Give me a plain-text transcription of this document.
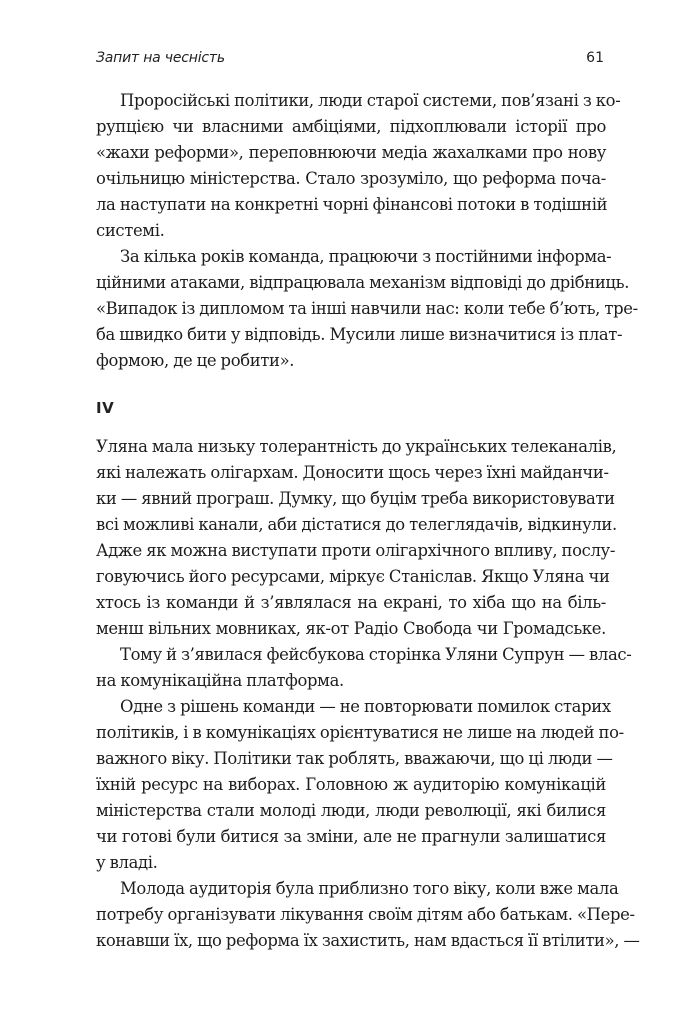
Запит на чесність	61
Проросійські політики, люди старої системи, пов’язані з ко-
рупцією чи власними амбіціями, підхоплювали історії про
«жахи реформи», переповнюючи медіа жахалками про нову
очільницю міністерства. Стало зрозуміло, що реформа поча-
ла наступати на конкретні чорні фінансові потоки в тодішній
системі.
За кілька років команда, працюючи з постійними інформа-
ційними атаками, відпрацювала механізм відповіді до дрібниць.
«Випадок із дипломом та інші навчили нас: коли тебе б’ють, тре-
ба швидко бити у відповідь. Мусили лише визначитися із плат-
формою, де це робити».
IV
Уляна мала низьку толерантність до українських телеканалів,
які належать олігархам. Доносити щось через їхні майданчи-
ки — явний програш. Думку, що буцім треба використовувати
всі можливі канали, аби дістатися до телеглядачів, відкинули.
Адже як можна виступати проти олігархічного впливу, послу-
говуючись його ресурсами, міркує Станіслав. Якщо Уляна чи
хтось із команди й з’являлася на екрані, то хіба що на біль-
менш вільних мовниках, як-от Радіо Свобода чи Громадське.
Тому й з’явилася фейсбукова сторінка Уляни Супрун — влас-
на комунікаційна платформа.
Одне з рішень команди — не повторювати помилок старих
політиків, і в комунікаціях орієнтуватися не лише на людей по-
важного віку. Політики так роблять, вважаючи, що ці люди —
їхній ресурс на виборах. Головною ж аудиторію комунікацій
міністерства стали молоді люди, люди революції, які билися
чи готові були битися за зміни, але не прагнули залишатися
у владі.
Молода аудиторія була приблизно того віку, коли вже мала
потребу організувати лікування своїм дітям або батькам. «Пере-
конавши їх, що реформа їх захистить, нам вдасться її втілити», —
